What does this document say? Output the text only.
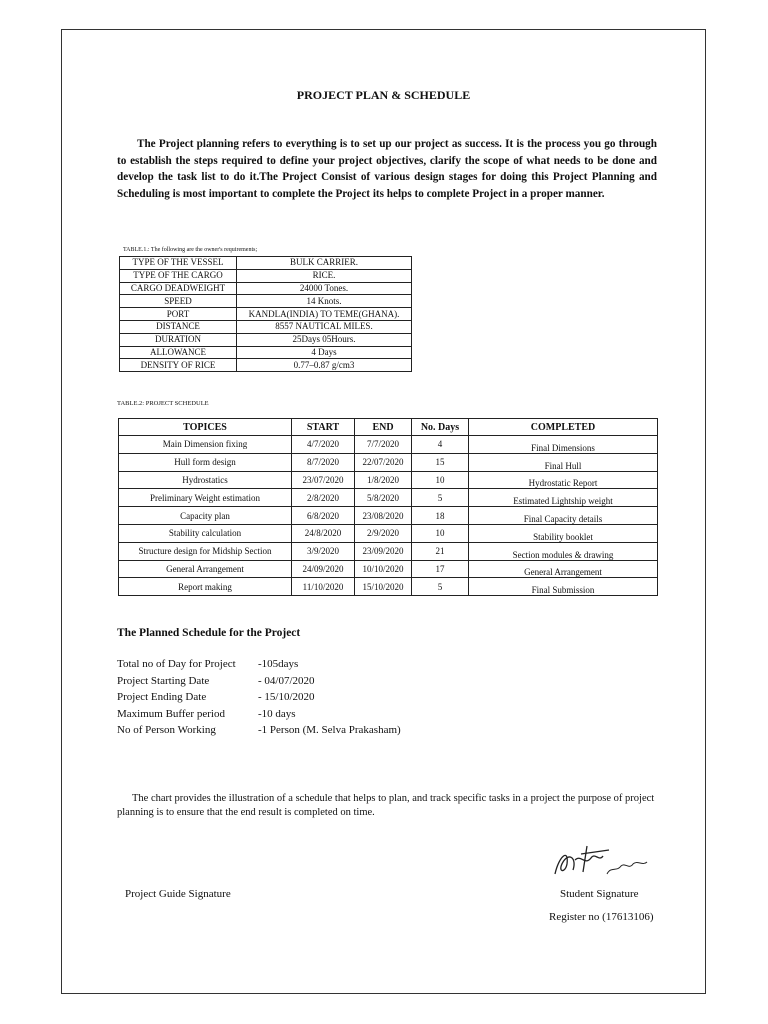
PROJECT PLAN & SCHEDULE
The Project planning refers to everything is to set up our project as success. It is the process you go through to establish the steps required to define your project objectives, clarify the scope of what needs to be done and develop the task list to do it.The Project Consist of various design stages for doing this Project Planning and Scheduling is most important to complete the Project its helps to complete Project in a proper manner.
TABLE.1.: The following are the owner's requirements;
TYPE OF THE VESSEL	BULK CARRIER.
TYPE OF THE CARGO	RICE.
CARGO DEADWEIGHT	24000 Tones.
SPEED	14 Knots.
PORT	KANDLA(INDIA) TO TEME(GHANA).
DISTANCE	8557 NAUTICAL MILES.
DURATION	25Days 05Hours.
ALLOWANCE	4 Days
DENSITY OF RICE	0.77–0.87 g/cm3
TABLE.2: PROJECT SCHEDULE
TOPICES	START	END	No. Days	COMPLETED
Main Dimension fixing	4/7/2020	7/7/2020	4	Final Dimensions
Hull form design	8/7/2020	22/07/2020	15	Final Hull
Hydrostatics	23/07/2020	1/8/2020	10	Hydrostatic Report
Preliminary Weight estimation	2/8/2020	5/8/2020	5	Estimated Lightship weight
Capacity plan	6/8/2020	23/08/2020	18	Final Capacity details
Stability calculation	24/8/2020	2/9/2020	10	Stability booklet
Structure design for Midship Section	3/9/2020	23/09/2020	21	Section modules & drawing
General Arrangement	24/09/2020	10/10/2020	17	General Arrangement
Report making	11/10/2020	15/10/2020	5	Final Submission
The Planned Schedule for the Project
Total no of Day for Project	-105days
Project Starting Date	- 04/07/2020
Project Ending Date	- 15/10/2020
Maximum Buffer period	-10 days
No of Person Working	-1 Person (M. Selva Prakasham)
The chart provides the illustration of a schedule that helps to plan, and track specific tasks in a project the purpose of project planning is to ensure that the end result is completed on time.
Project Guide Signature	Student Signature
Register no (17613106)
